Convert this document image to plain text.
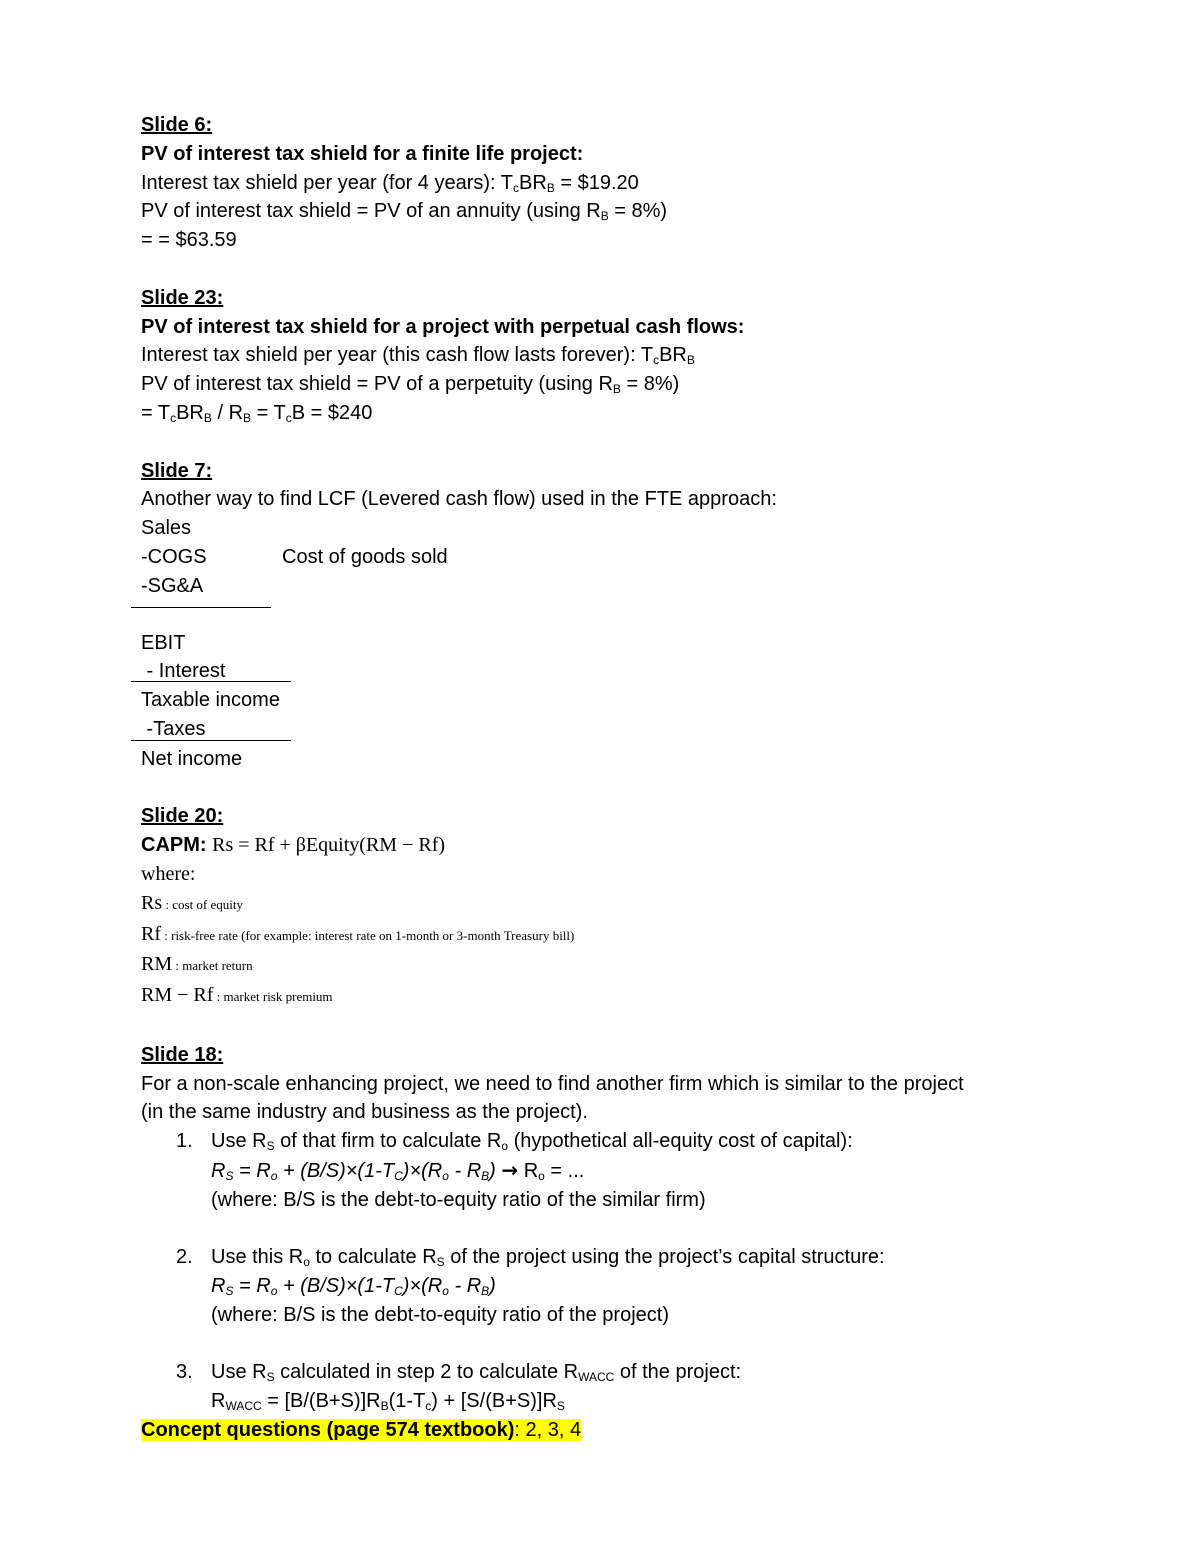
Slide 6:
PV of interest tax shield for a finite life project:
Interest tax shield per year (for 4 years): $T_cBR_B$ = $19.20
PV of interest tax shield = PV of an annuity (using $R_B = 8\%$)
= = $63.59
Slide 23:
PV of interest tax shield for a project with perpetual cash flows:
Interest tax shield per year (this cash flow lasts forever): $T_cBR_B$
PV of interest tax shield = PV of a perpetuity (using $R_B = 8\%$)
= $T_cBR_B / R_B = T_cB$ = $240
Slide 7:
Another way to find LCF (Levered cash flow) used in the FTE approach:
Sales
-COGS	Cost of goods sold
-SG&A
EBIT
- Interest
Taxable income
-Taxes
Net income
Slide 20:
CAPM: Rs = Rf + βEquity(RM − Rf)
where:
Rs : cost of equity
Rf : risk-free rate (for example: interest rate on 1-month or 3-month Treasury bill)
RM : market return
RM − Rf : market risk premium
Slide 18:
For a non-scale enhancing project, we need to find another firm which is similar to the project
(in the same industry and business as the project).
1. Use $R_S$ of that firm to calculate $R_o$ (hypothetical all-equity cost of capital):
$R_S = R_o + (B/S)\times(1-T_C)\times(R_o - R_B) \to R_o$ = ...
(where: B/S is the debt-to-equity ratio of the similar firm)
2. Use this $R_o$ to calculate $R_S$ of the project using the project’s capital structure:
$R_S = R_o + (B/S)\times(1-T_C)\times(R_o - R_B)$
(where: B/S is the debt-to-equity ratio of the project)
3. Use $R_S$ calculated in step 2 to calculate $R_{WACC}$ of the project:
$R_{WACC} = [B/(B+S)]R_B(1-T_c) + [S/(B+S)]R_S$
Concept questions (page 574 textbook): 2, 3, 4
